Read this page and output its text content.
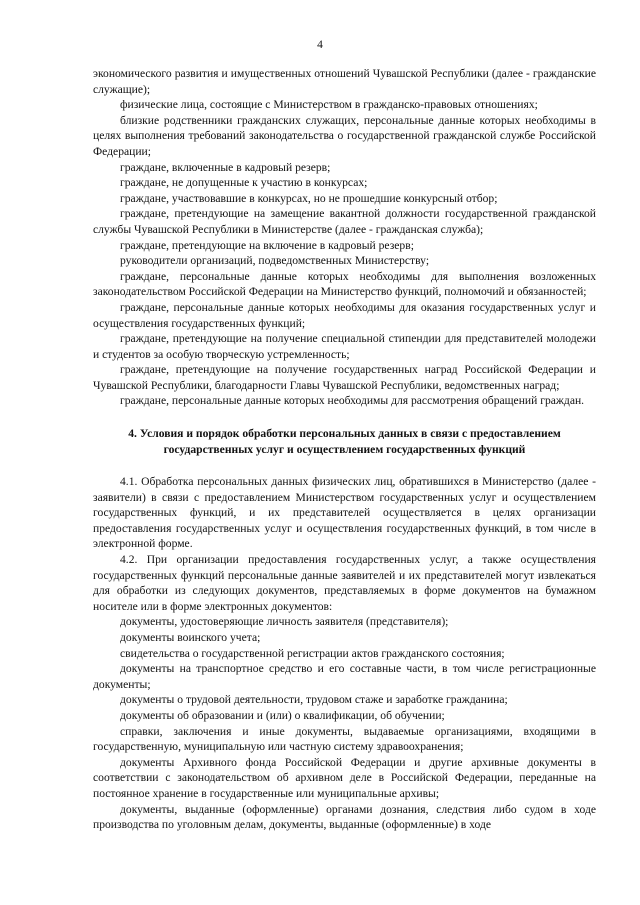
4

экономического развития и имущественных отношений Чувашской Республики (далее - гражданские служащие);

физические лица, состоящие с Министерством в гражданско-правовых отношениях;

близкие родственники гражданских служащих, персональные данные которых необходимы в целях выполнения требований законодательства о государственной гражданской службе Российской Федерации;

граждане, включенные в кадровый резерв;

граждане, не допущенные к участию в конкурсах;

граждане, участвовавшие в конкурсах, но не прошедшие конкурсный отбор;

граждане, претендующие на замещение вакантной должности государственной гражданской службы Чувашской Республики в Министерстве (далее - гражданская служба);

граждане, претендующие на включение в кадровый резерв;

руководители организаций, подведомственных Министерству;

граждане, персональные данные которых необходимы для выполнения возложенных законодательством Российской Федерации на Министерство функций, полномочий и обязанностей;

граждане, персональные данные которых необходимы для оказания государственных услуг и осуществления государственных функций;

граждане, претендующие на получение специальной стипендии для представителей молодежи и студентов за особую творческую устремленность;

граждане, претендующие на получение государственных наград Российской Федерации и Чувашской Республики, благодарности Главы Чувашской Республики, ведомственных наград;

граждане, персональные данные которых необходимы для рассмотрения обращений граждан.

4. Условия и порядок обработки персональных данных в связи с предоставлением
государственных услуг и осуществлением государственных функций

4.1. Обработка персональных данных физических лиц, обратившихся в Министерство (далее - заявители) в связи с предоставлением Министерством государственных услуг и осуществлением государственных функций, и их представителей осуществляется в целях организации предоставления государственных услуг и осуществления государственных функций, в том числе в электронной форме.

4.2. При организации предоставления государственных услуг, а также осуществления государственных функций персональные данные заявителей и их представителей могут извлекаться для обработки из следующих документов, представляемых в форме документов на бумажном носителе или в форме электронных документов:

документы, удостоверяющие личность заявителя (представителя);

документы воинского учета;

свидетельства о государственной регистрации актов гражданского состояния;

документы на транспортное средство и его составные части, в том числе регистрационные документы;

документы о трудовой деятельности, трудовом стаже и заработке гражданина;

документы об образовании и (или) о квалификации, об обучении;

справки, заключения и иные документы, выдаваемые организациями, входящими в государственную, муниципальную или частную систему здравоохранения;

документы Архивного фонда Российской Федерации и другие архивные документы в соответствии с законодательством об архивном деле в Российской Федерации, переданные на постоянное хранение в государственные или муниципальные архивы;

документы, выданные (оформленные) органами дознания, следствия либо судом в ходе производства по уголовным делам, документы, выданные (оформленные) в ходе
